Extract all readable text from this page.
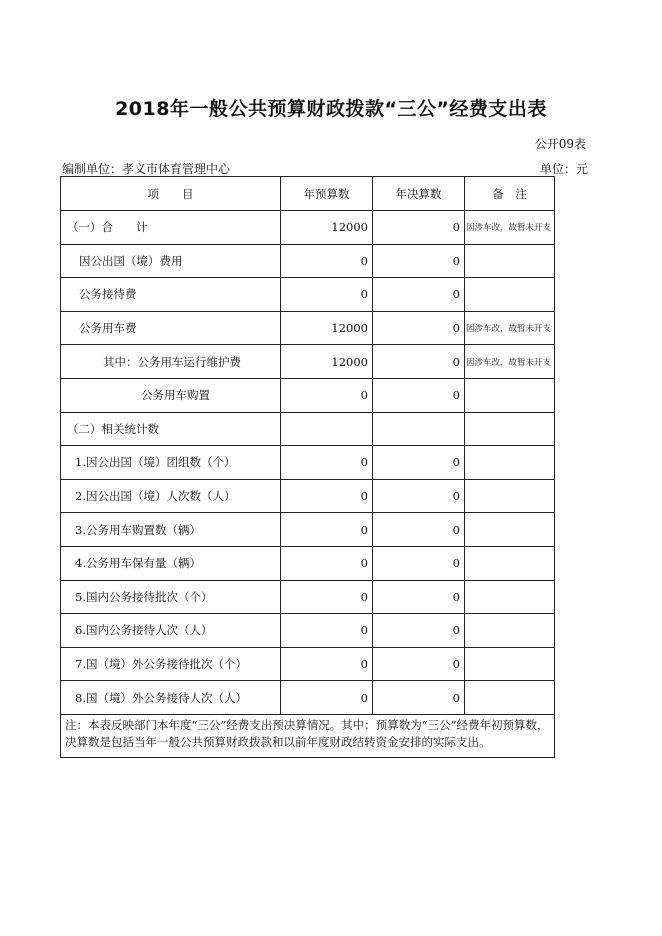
2018年一般公共预算财政拨款“三公”经费支出表
公开09表
编制单位：孝义市体育管理中心	单位：元
项　　目	年预算数	年决算数	备　注
（一）合　　计	12000	0	因涉车改，故暂未开支
因公出国（境）费用	0	0	
公务接待费	0	0	
公务用车费	12000	0	因涉车改，故暂未开支
其中：公务用车运行维护费	12000	0	因涉车改，故暂未开支
公务用车购置	0	0	
（二）相关统计数			
1.因公出国（境）团组数（个）	0	0	
2.因公出国（境）人次数（人）	0	0	
3.公务用车购置数（辆）	0	0	
4.公务用车保有量（辆）	0	0	
5.国内公务接待批次（个）	0	0	
6.国内公务接待人次（人）	0	0	
7.国（境）外公务接待批次（个）	0	0	
8.国（境）外公务接待人次（人）	0	0	
注：本表反映部门本年度“三公”经费支出预决算情况。其中：预算数为“三公”经费年初预算数，决算数是包括当年一般公共预算财政拨款和以前年度财政结转资金安排的实际支出。			
